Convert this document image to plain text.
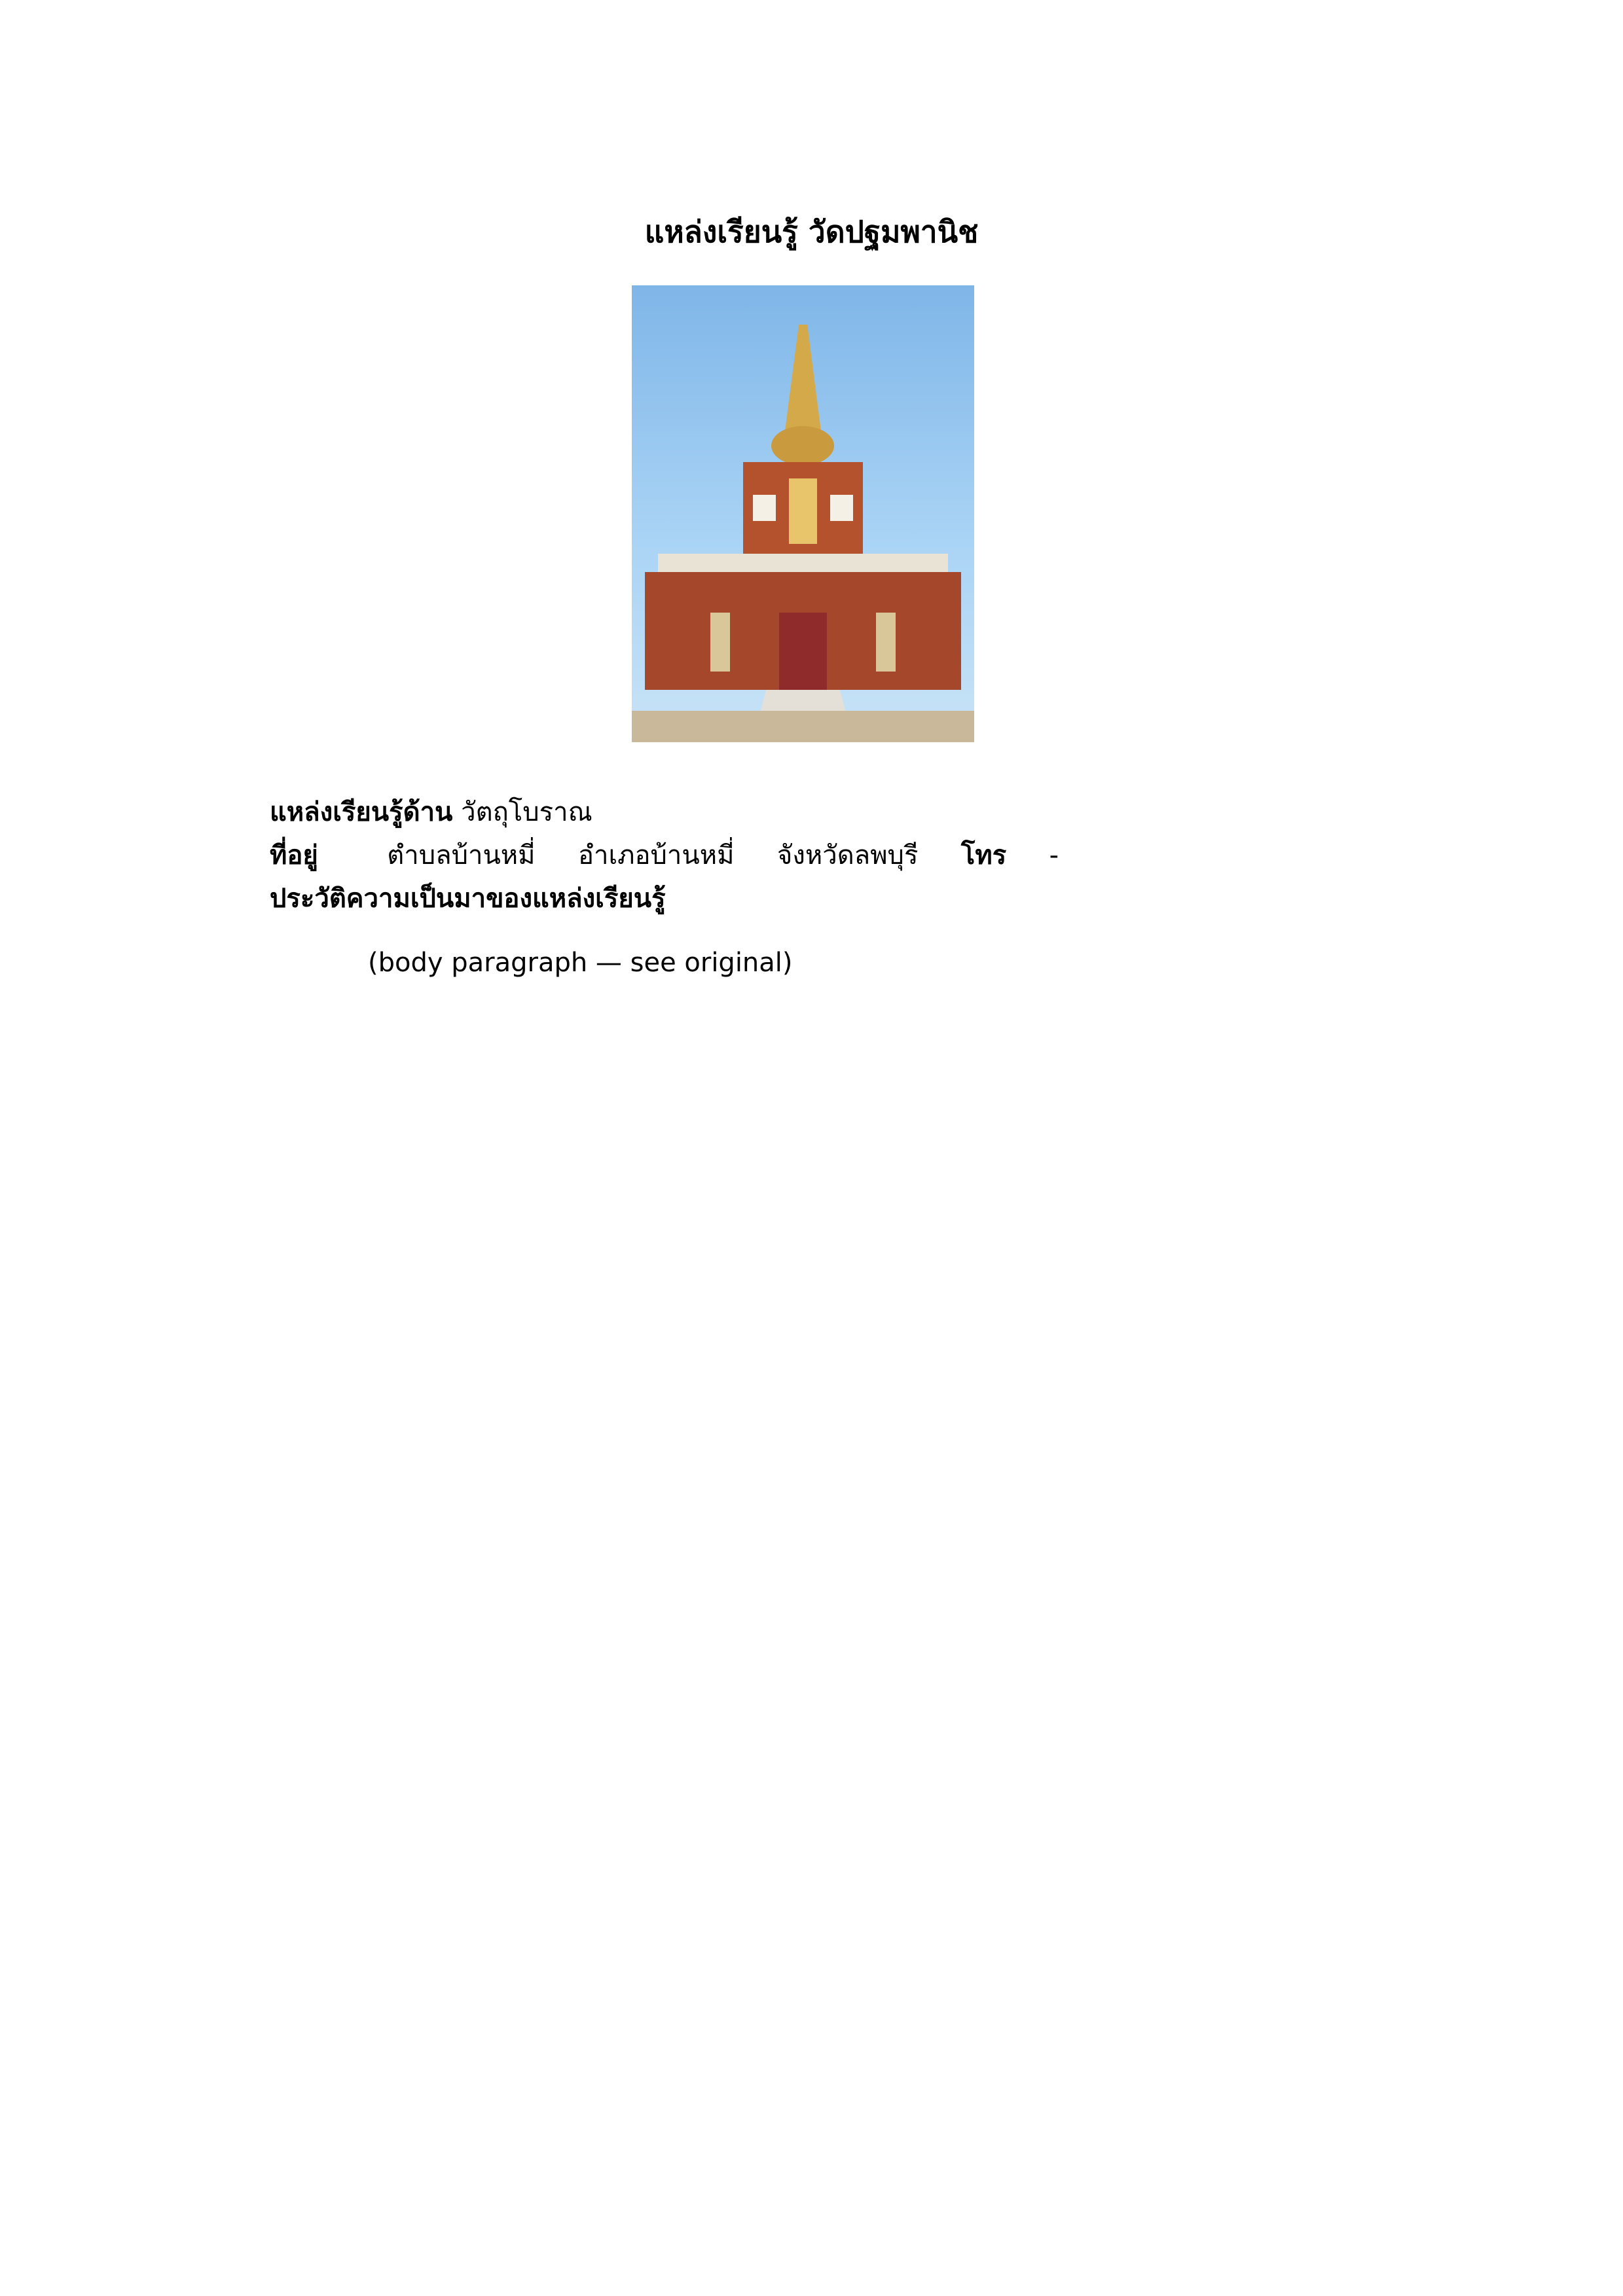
แหล่งเรียนรู้ วัดปฐมพานิช
แหล่งเรียนรู้ด้าน วัตถุโบราณ
ที่อยู่	ตำบลบ้านหมี่ อำเภอบ้านหมี่ จังหวัดลพบุรี โทร -
ประวัติความเป็นมาของแหล่งเรียนรู้
(body paragraph — see original)
